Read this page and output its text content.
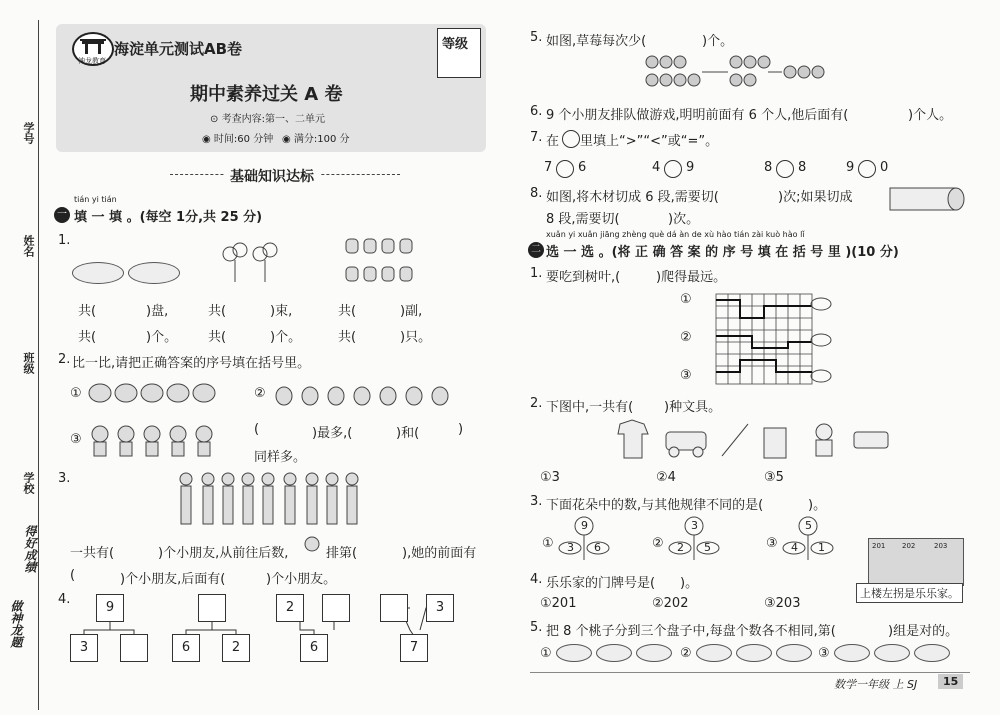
学号
姓名
班级
学校
做神龙题
得好成绩
神龙教育
海淀单元测试AB卷
期中素养过关 A 卷
⊙ 考查内容:第一、二单元
◉ 时间:60 分钟 ◉ 满分:100 分
等级
基础知识达标
tián yi tián
一 填 一 填 。(每空 1分,共 25 分)
1.
共(	)盘,	共(	)束,	共(	)副,
共(	)个。 共(	)个。	共(	)只。
2. 比一比,请把正确答案的序号填在括号里。
①	②
③
(	)最多,(	)和(	)
同样多。
3.
一共有(	)个小朋友,从前往后数,	排第(	),她的前面有
(	)个小朋友,后面有(	)个小朋友。
4.
9
3	6	2
2
6
3
7
5. 如图,草莓每次少(	)个。
6. 9 个小朋友排队做游戏,明明前面有 6 个人,他后面有(	)个人。
7. 在 里填上“>”“<”或“=”。
7 6	4 9	8 8	9 0
8. 如图,将木材切成 6 段,需要切(	)次;如果切成
8 段,需要切(	)次。
xuǎn yi xuǎn jiāng zhèng què dá àn de xù hào tián zài kuò hào lǐ
二 选 一 选 。(将 正 确 答 案 的 序 号 填 在 括 号 里 )(10 分)
1. 要吃到树叶,(	)爬得最远。
①
②
③
2. 下图中,一共有( )种文具。
①3	②4	③5
3. 下面花朵中的数,与其他规律不同的是(	)。
①
9
3 6	②
3
2 5	③
5
4 1
4. 乐乐家的门牌号是( )。
①201	②202	③203
201 202	203
上楼左拐是乐乐家。
5. 把 8 个桃子分到三个盘子中,每盘个数各不相同,第(	)组是对的。
①	②	③
数学一年级 上 SJ	15
